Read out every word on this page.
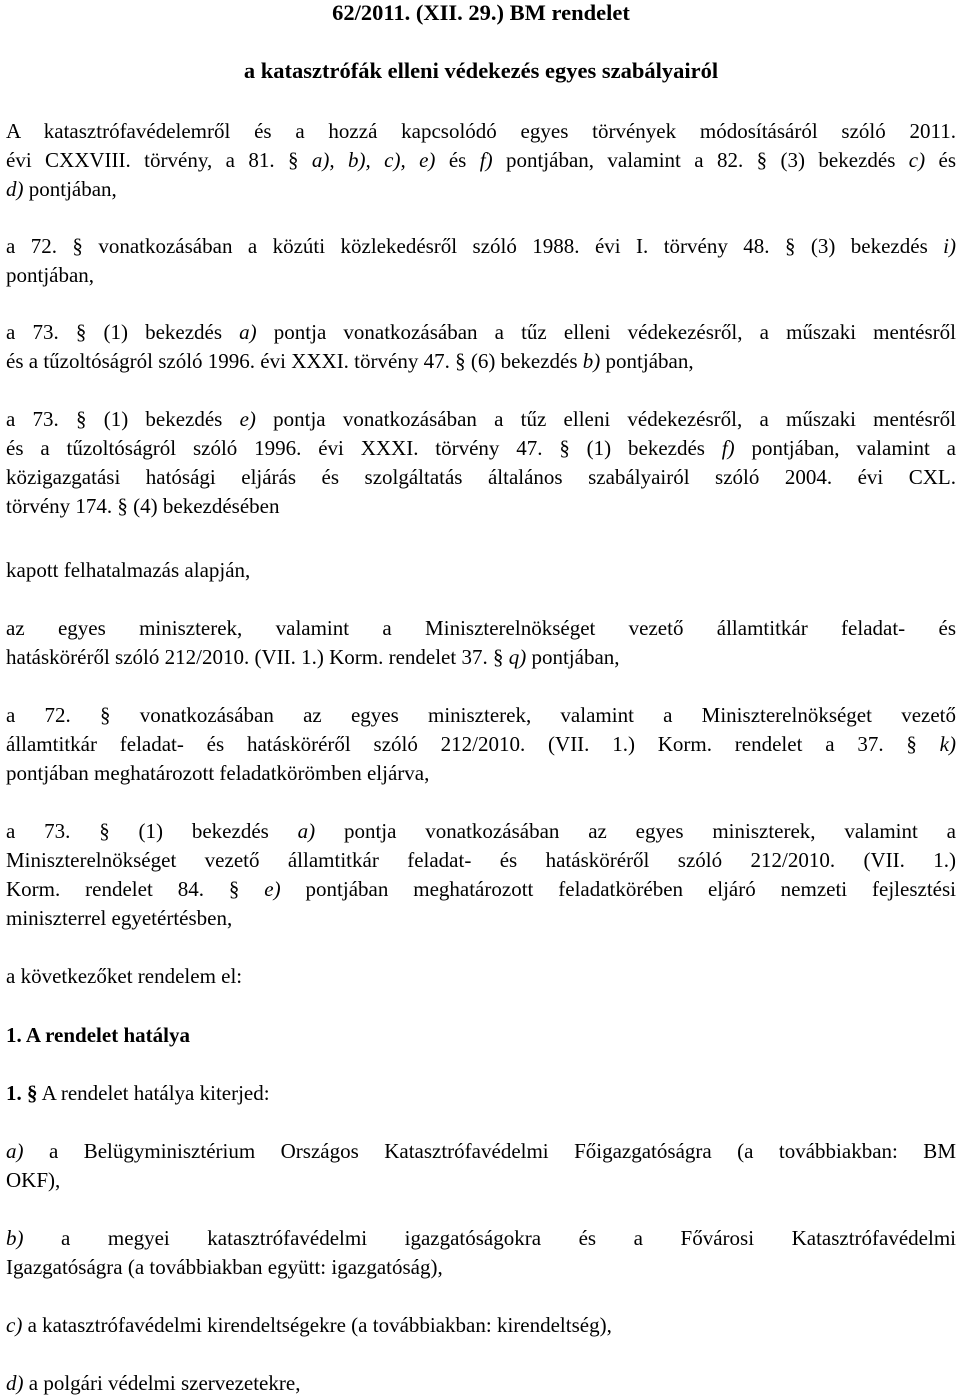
62/2011. (XII. 29.) BM rendelet
a katasztrófák elleni védekezés egyes szabályairól
A katasztrófavédelemről és a hozzá kapcsolódó egyes törvények módosításáról szóló 2011.
évi CXXVIII. törvény, a 81. § a), b), c), e) és f) pontjában, valamint a 82. § (3) bekezdés c) és
d) pontjában,
a 72. § vonatkozásában a közúti közlekedésről szóló 1988. évi I. törvény 48. § (3) bekezdés i)
pontjában,
a 73. § (1) bekezdés a) pontja vonatkozásában a tűz elleni védekezésről, a műszaki mentésről
és a tűzoltóságról szóló 1996. évi XXXI. törvény 47. § (6) bekezdés b) pontjában,
a 73. § (1) bekezdés e) pontja vonatkozásában a tűz elleni védekezésről, a műszaki mentésről
és a tűzoltóságról szóló 1996. évi XXXI. törvény 47. § (1) bekezdés f) pontjában, valamint a
közigazgatási hatósági eljárás és szolgáltatás általános szabályairól szóló 2004. évi CXL.
törvény 174. § (4) bekezdésében
kapott felhatalmazás alapján,
az egyes miniszterek, valamint a Miniszterelnökséget vezető államtitkár feladat- és
hatásköréről szóló 212/2010. (VII. 1.) Korm. rendelet 37. § q) pontjában,
a 72. § vonatkozásában az egyes miniszterek, valamint a Miniszterelnökséget vezető
államtitkár feladat- és hatásköréről szóló 212/2010. (VII. 1.) Korm. rendelet a 37. § k)
pontjában meghatározott feladatkörömben eljárva,
a 73. § (1) bekezdés a) pontja vonatkozásában az egyes miniszterek, valamint a
Miniszterelnökséget vezető államtitkár feladat- és hatásköréről szóló 212/2010. (VII. 1.)
Korm. rendelet 84. § e) pontjában meghatározott feladatkörében eljáró nemzeti fejlesztési
miniszterrel egyetértésben,
a következőket rendelem el:
1. A rendelet hatálya
1. § A rendelet hatálya kiterjed:
a) a Belügyminisztérium Országos Katasztrófavédelmi Főigazgatóságra (a továbbiakban: BM
OKF),
b) a megyei katasztrófavédelmi igazgatóságokra és a Fővárosi Katasztrófavédelmi
Igazgatóságra (a továbbiakban együtt: igazgatóság),
c) a katasztrófavédelmi kirendeltségekre (a továbbiakban: kirendeltség),
d) a polgári védelmi szervezetekre,
